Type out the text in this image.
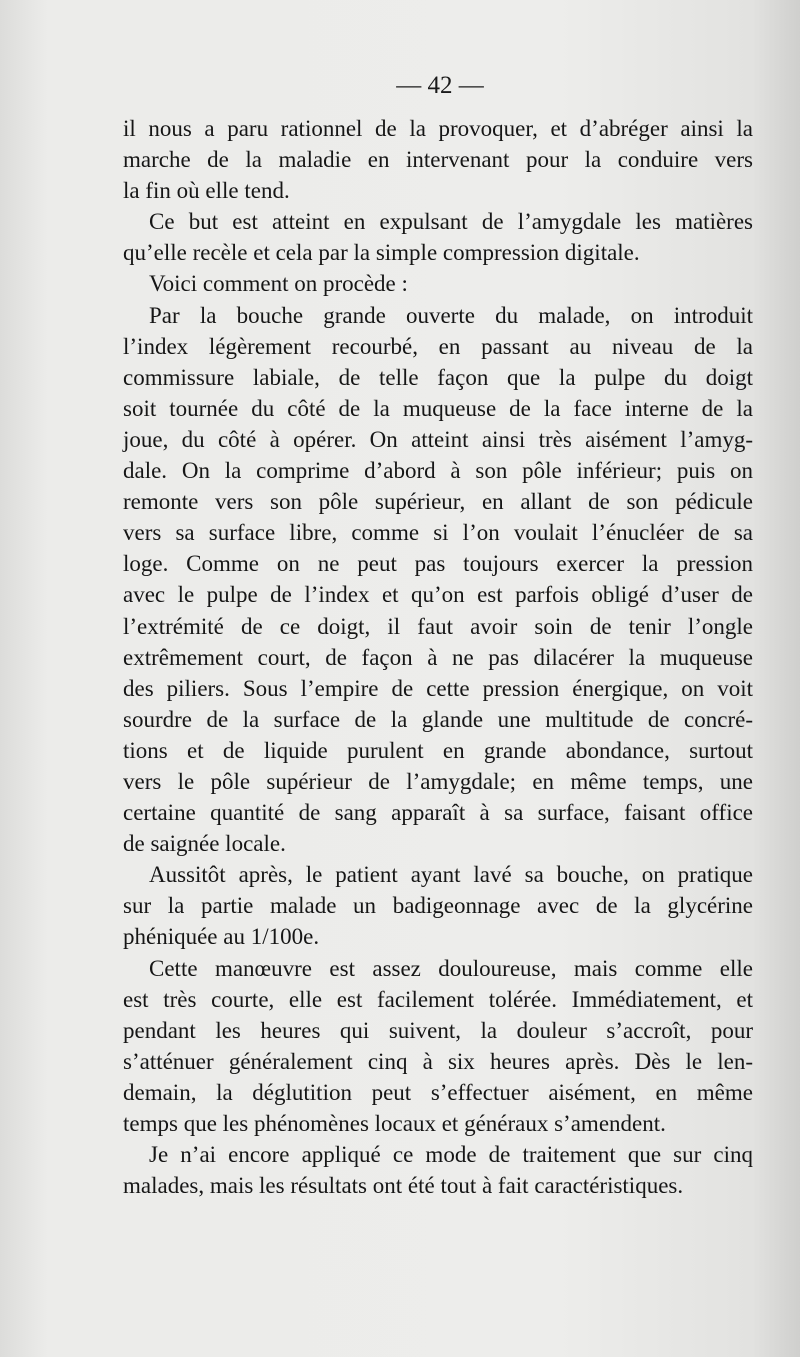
— 42 —
il nous a paru rationnel de la provoquer, et d’abréger ainsi la
marche de la maladie en intervenant pour la conduire vers
la fin où elle tend.
Ce but est atteint en expulsant de l’amygdale les matières
qu’elle recèle et cela par la simple compression digitale.
Voici comment on procède :
Par la bouche grande ouverte du malade, on introduit
l’index légèrement recourbé, en passant au niveau de la
commissure labiale, de telle façon que la pulpe du doigt
soit tournée du côté de la muqueuse de la face interne de la
joue, du côté à opérer. On atteint ainsi très aisément l’amyg-
dale. On la comprime d’abord à son pôle inférieur; puis on
remonte vers son pôle supérieur, en allant de son pédicule
vers sa surface libre, comme si l’on voulait l’énucléer de sa
loge. Comme on ne peut pas toujours exercer la pression
avec le pulpe de l’index et qu’on est parfois obligé d’user de
l’extrémité de ce doigt, il faut avoir soin de tenir l’ongle
extrêmement court, de façon à ne pas dilacérer la muqueuse
des piliers. Sous l’empire de cette pression énergique, on voit
sourdre de la surface de la glande une multitude de concré-
tions et de liquide purulent en grande abondance, surtout
vers le pôle supérieur de l’amygdale; en même temps, une
certaine quantité de sang apparaît à sa surface, faisant office
de saignée locale.
Aussitôt après, le patient ayant lavé sa bouche, on pratique
sur la partie malade un badigeonnage avec de la glycérine
phéniquée au 1/100e.
Cette manœuvre est assez douloureuse, mais comme elle
est très courte, elle est facilement tolérée. Immédiatement, et
pendant les heures qui suivent, la douleur s’accroît, pour
s’atténuer généralement cinq à six heures après. Dès le len-
demain, la déglutition peut s’effectuer aisément, en même
temps que les phénomènes locaux et généraux s’amendent.
Je n’ai encore appliqué ce mode de traitement que sur cinq
malades, mais les résultats ont été tout à fait caractéristiques.
